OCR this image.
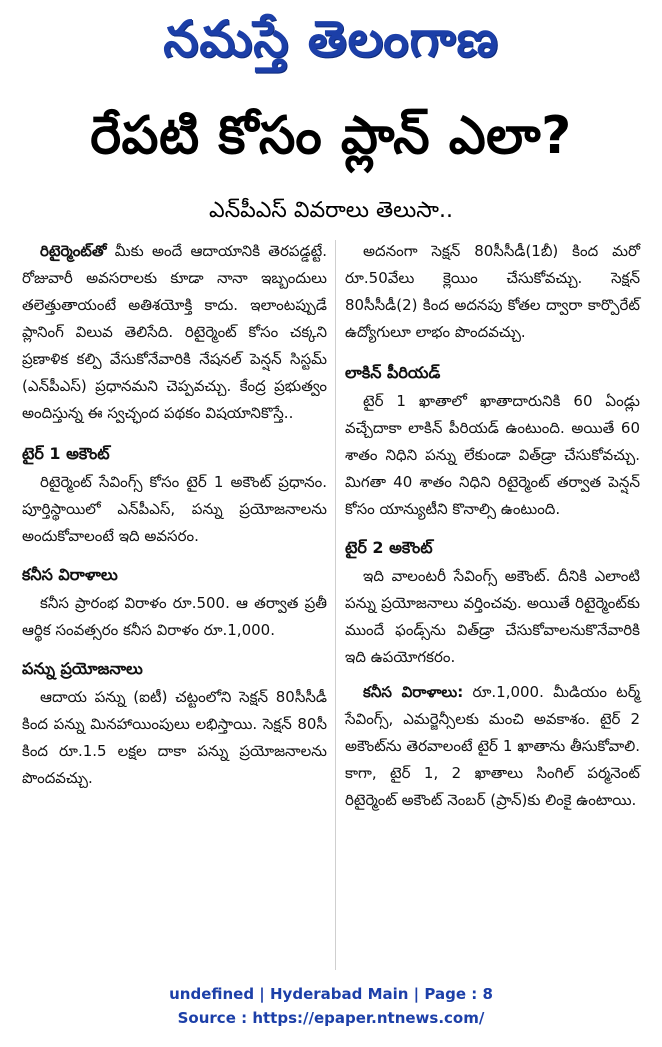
నమస్తే తెలంగాణ
రేపటి కోసం ప్లాన్ ఎలా?
ఎన్‌పీఎస్ వివరాలు తెలుసా..

రిటైర్మెంట్‌తో మీకు అందే ఆదాయానికి తెరపడ్డట్టే. రోజువారీ అవసరాలకు కూడా నానా ఇబ్బందులు తలెత్తుతాయంటే అతిశయోక్తి కాదు. ఇలాంటప్పుడే ప్లానింగ్ విలువ తెలిసేది. రిటైర్మెంట్ కోసం చక్కని ప్రణాళిక కల్పి వేసుకోనేవారికి నేషనల్ పెన్షన్ సిస్టమ్ (ఎన్‌పీఎస్) ప్రధానమని చెప్పవచ్చు. కేంద్ర ప్రభుత్వం అందిస్తున్న ఈ స్వచ్ఛంద పథకం విషయానికొస్తే..

టైర్ 1 అకౌంట్

రిటైర్మెంట్ సేవింగ్స్ కోసం టైర్ 1 అకౌంట్ ప్రధానం. పూర్తిస్థాయిలో ఎన్‌పీఎస్, పన్ను ప్రయోజనాలను అందుకోవాలంటే ఇది అవసరం.

కనీస విరాళాలు

కనీస ప్రారంభ విరాళం రూ.500. ఆ తర్వాత ప్రతీ ఆర్థిక సంవత్సరం కనీస విరాళం రూ.1,000.

పన్ను ప్రయోజనాలు

ఆదాయ పన్ను (ఐటీ) చట్టంలోని సెక్షన్ 80సీసీడీ కింద పన్ను మినహాయింపులు లభిస్తాయి. సెక్షన్ 80సీ కింద రూ.1.5 లక్షల దాకా పన్ను ప్రయోజనాలను పొందవచ్చు.

అదనంగా సెక్షన్ 80సీసీడీ(1బీ) కింద మరో రూ.50వేలు క్లెయిం చేసుకోవచ్చు. సెక్షన్ 80సీసీడీ(2) కింద అదనపు కోతల ద్వారా కార్పొరేట్ ఉద్యోగులూ లాభం పొందవచ్చు.

లాకిన్ పీరియడ్

టైర్ 1 ఖాతాలో ఖాతాదారునికి 60 ఏండ్లు వచ్చేదాకా లాకిన్ పీరియడ్ ఉంటుంది. అయితే 60 శాతం నిధిని పన్ను లేకుండా విత్‌డ్రా చేసుకోవచ్చు. మిగతా 40 శాతం నిధిని రిటైర్మెంట్ తర్వాత పెన్షన్ కోసం యాన్యుటీని కొనాల్సి ఉంటుంది.

టైర్ 2 అకౌంట్

ఇది వాలంటరీ సేవింగ్స్ అకౌంట్. దీనికి ఎలాంటి పన్ను ప్రయోజనాలు వర్తించవు. అయితే రిటైర్మెంట్‌కు ముందే ఫండ్స్‌ను విత్‌డ్రా చేసుకోవాలనుకొనేవారికి ఇది ఉపయోగకరం.

కనీస విరాళాలు: రూ.1,000. మీడియం టర్మ్ సేవింగ్స్, ఎమర్జెన్సీలకు మంచి అవకాశం. టైర్ 2 అకౌంట్‌ను తెరవాలంటే టైర్ 1 ఖాతాను తీసుకోవాలి. కాగా, టైర్ 1, 2 ఖాతాలు సింగిల్ పర్మనెంట్ రిటైర్మెంట్ అకౌంట్ నెంబర్ (ప్రాన్)కు లింకై ఉంటాయి.

undefined | Hyderabad Main | Page : 8
Source : https://epaper.ntnews.com/
